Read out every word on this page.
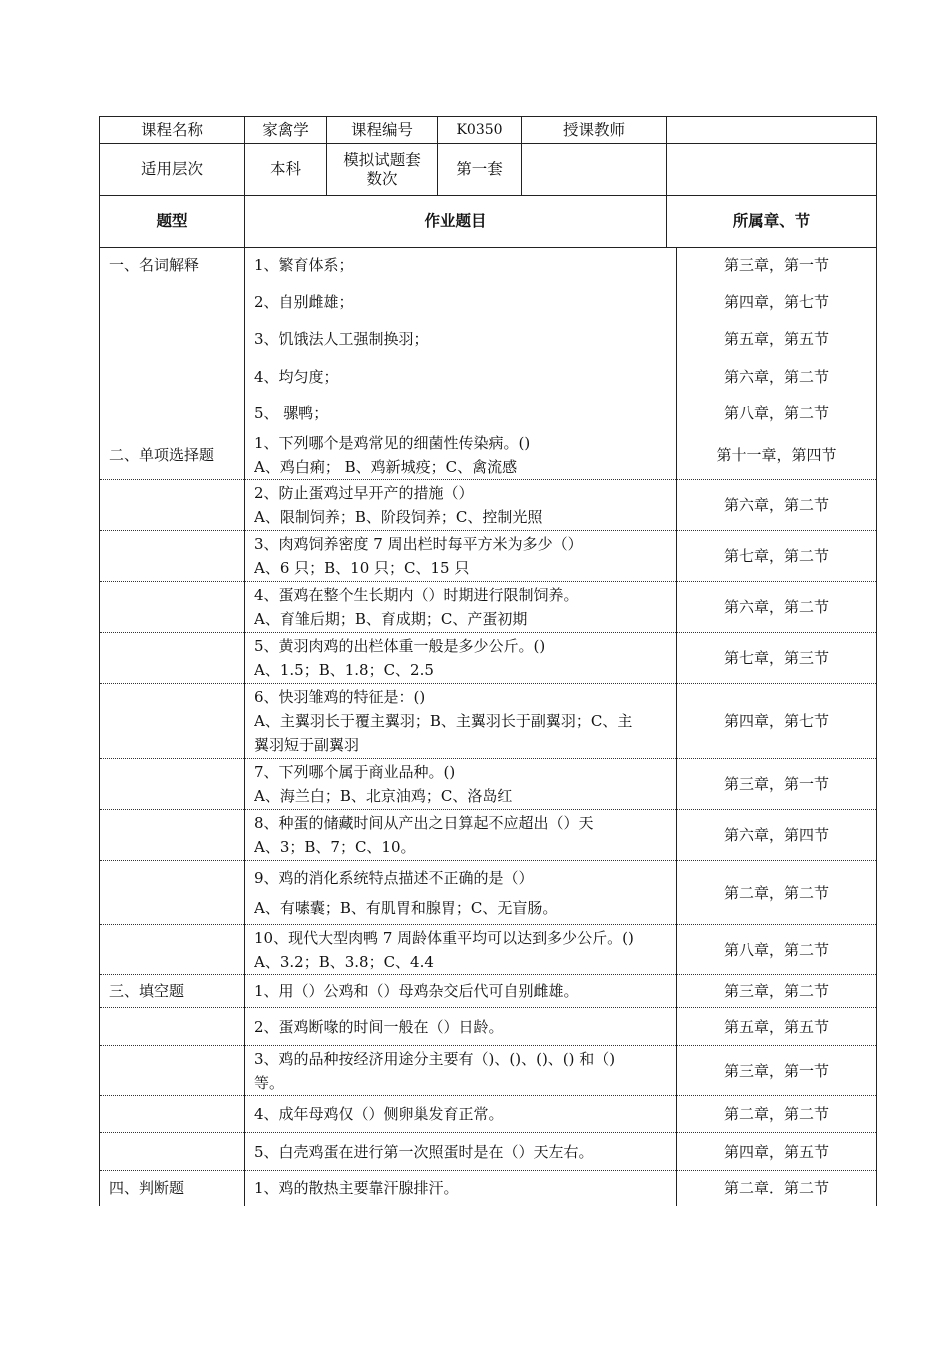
课程名称	家禽学	课程编号	K0350	授课教师	
适用层次	本科	模拟试题套数次	第一套		
题型	作业题目				所属章、节
一、名词解释	1、繁育体系；	第三章，第一节

	2、自别雌雄；	第四章，第七节

	3、饥饿法人工强制换羽；	第五章，第五节

	4、均匀度；	第六章，第二节

	5、 骡鸭；	第八章，第二节
二、单项选择题	1、下列哪个是鸡常见的细菌性传染病。()
A、鸡白痢； B、鸡新城疫；C、禽流感	第十一章，第四节

	2、防止蛋鸡过早开产的措施（）
A、限制饲养；B、阶段饲养；C、控制光照	第六章，第二节

	3、肉鸡饲养密度 7 周出栏时每平方米为多少（）
A、6 只；B、10 只；C、15 只	第七章，第二节

	4、蛋鸡在整个生长期内（）时期进行限制饲养。
A、育雏后期；B、育成期；C、产蛋初期	第六章，第二节

	5、黄羽肉鸡的出栏体重一般是多少公斤。()
A、1.5；B、1.8；C、2.5	第七章，第三节

	6、快羽雏鸡的特征是：()
A、主翼羽长于覆主翼羽；B、主翼羽长于副翼羽；C、主
翼羽短于副翼羽	第四章，第七节

	7、下列哪个属于商业品种。()
A、海兰白；B、北京油鸡；C、洛岛红	第三章，第一节

	8、种蛋的储藏时间从产出之日算起不应超出（）天
A、3；B、7；C、10。	第六章，第四节

	9、鸡的消化系统特点描述不正确的是（）
A、有嗉囊；B、有肌胃和腺胃；C、无盲肠。	第二章，第二节

	10、现代大型肉鸭 7 周龄体重平均可以达到多少公斤。()
A、3.2；B、3.8；C、4.4	第八章，第二节
三、填空题	1、用（）公鸡和（）母鸡杂交后代可自别雌雄。	第三章，第二节

	2、蛋鸡断喙的时间一般在（）日龄。	第五章，第五节

	3、鸡的品种按经济用途分主要有（)、()、()、() 和（)
等。	第三章，第一节

	4、成年母鸡仅（）侧卵巢发育正常。	第二章，第二节

	5、白壳鸡蛋在进行第一次照蛋时是在（）天左右。	第四章，第五节
四、判断题	1、鸡的散热主要靠汗腺排汗。	第二章．第二节
